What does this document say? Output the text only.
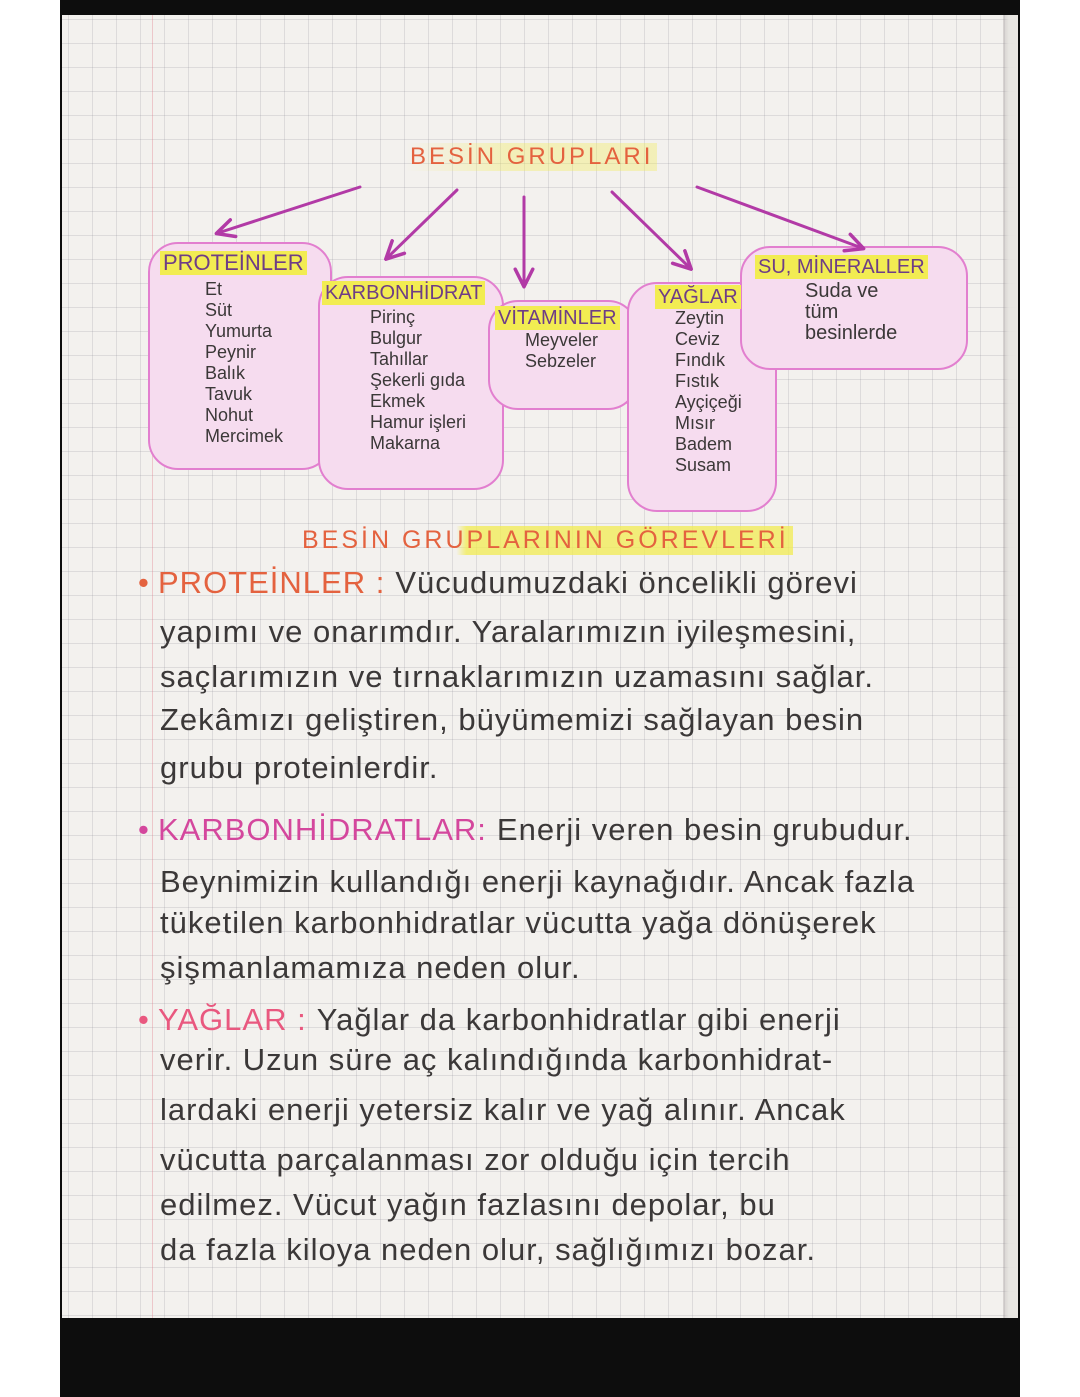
BESİN GRUPLARI
PROTEİNLER
KARBONHİDRAT
VİTAMİNLER
YAĞLAR
SU, MİNERALLER
Et
Süt
Yumurta
Peynir
Balık
Tavuk
Nohut
Mercimek
Pirinç
Bulgur
Tahıllar
Şekerli gıda
Ekmek
Hamur işleri
Makarna
Meyveler
Sebzeler
Zeytin
Ceviz
Fındık
Fıstık
Ayçiçeği
Mısır
Badem
Susam
Suda ve
tüm
besinlerde
BESİN GRUPLARININ GÖREVLERİ
• PROTEİNLER : Vücudumuzdaki öncelikli görevi
yapımı ve onarımdır. Yaralarımızın iyileşmesini,
saçlarımızın ve tırnaklarımızın uzamasını sağlar.
Zekâmızı geliştiren, büyümemizi sağlayan besin
grubu proteinlerdir.
• KARBONHİDRATLAR: Enerji veren besin grubudur.
Beynimizin kullandığı enerji kaynağıdır. Ancak fazla
tüketilen karbonhidratlar vücutta yağa dönüşerek
şişmanlamamıza neden olur.
• YAĞLAR : Yağlar da karbonhidratlar gibi enerji
verir. Uzun süre aç kalındığında karbonhidrat-
lardaki enerji yetersiz kalır ve yağ alınır. Ancak
vücutta parçalanması zor olduğu için tercih
edilmez. Vücut yağın fazlasını depolar, bu
da fazla kiloya neden olur, sağlığımızı bozar.
